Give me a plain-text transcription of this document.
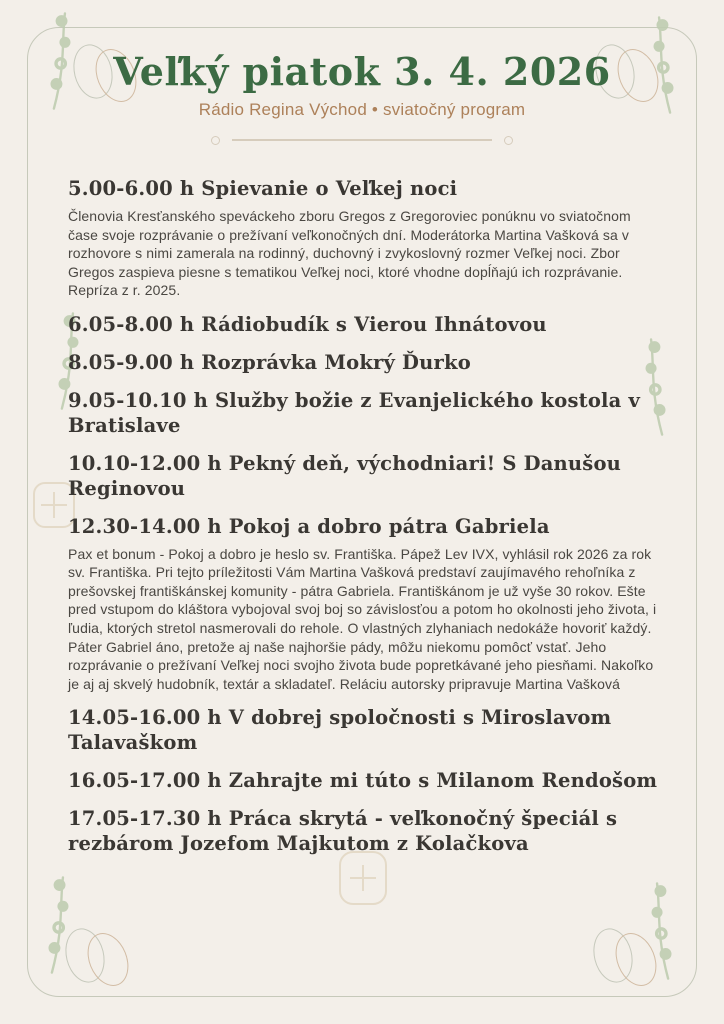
Veľký piatok 3. 4. 2026
Rádio Regina Východ • sviatočný program
5.00-6.00 h Spievanie o Veľkej noci

Členovia Kresťanského speváckeho zboru Gregos z Gregoroviec ponúknu vo sviatočnom čase svoje rozprávanie o prežívaní veľkonočných dní. Moderátorka Martina Vašková sa v rozhovore s nimi zamerala na rodinný, duchovný i zvykoslovný rozmer Veľkej noci. Zbor Gregos zaspieva piesne s tematikou Veľkej noci, ktoré vhodne dopĺňajú ich rozprávanie. Repríza z r. 2025.

6.05-8.00 h Rádiobudík s Vierou Ihnátovou
8.05-9.00 h Rozprávka Mokrý Ďurko
9.05-10.10 h Služby božie z Evanjelického kostola v Bratislave
10.10-12.00 h Pekný deň, východniari! S Danušou Reginovou
12.30-14.00 h Pokoj a dobro pátra Gabriela

Pax et bonum - Pokoj a dobro je heslo sv. Františka. Pápež Lev IVX, vyhlásil rok 2026 za rok sv. Františka. Pri tejto príležitosti Vám Martina Vašková predstaví zaujímavého rehoľníka z prešovskej františkánskej komunity - pátra Gabriela. Františkánom je už vyše 30 rokov. Ešte pred vstupom do kláštora vybojoval svoj boj so závislosťou a potom ho okolnosti jeho života, i ľudia, ktorých stretol nasmerovali do rehole. O vlastných zlyhaniach nedokáže hovoriť každý. Páter Gabriel áno, pretože aj naše najhoršie pády, môžu niekomu pomôcť vstať. Jeho rozprávanie o prežívaní Veľkej noci svojho života bude popretkávané jeho piesňami. Nakoľko je aj aj skvelý hudobník, textár a skladateľ. Reláciu autorsky pripravuje Martina Vašková

14.05-16.00 h V dobrej spoločnosti s Miroslavom Talavaškom
16.05-17.00 h Zahrajte mi túto s Milanom Rendošom
17.05-17.30 h Práca skrytá - veľkonočný špeciál s rezbárom Jozefom Majkutom z Kolačkova
